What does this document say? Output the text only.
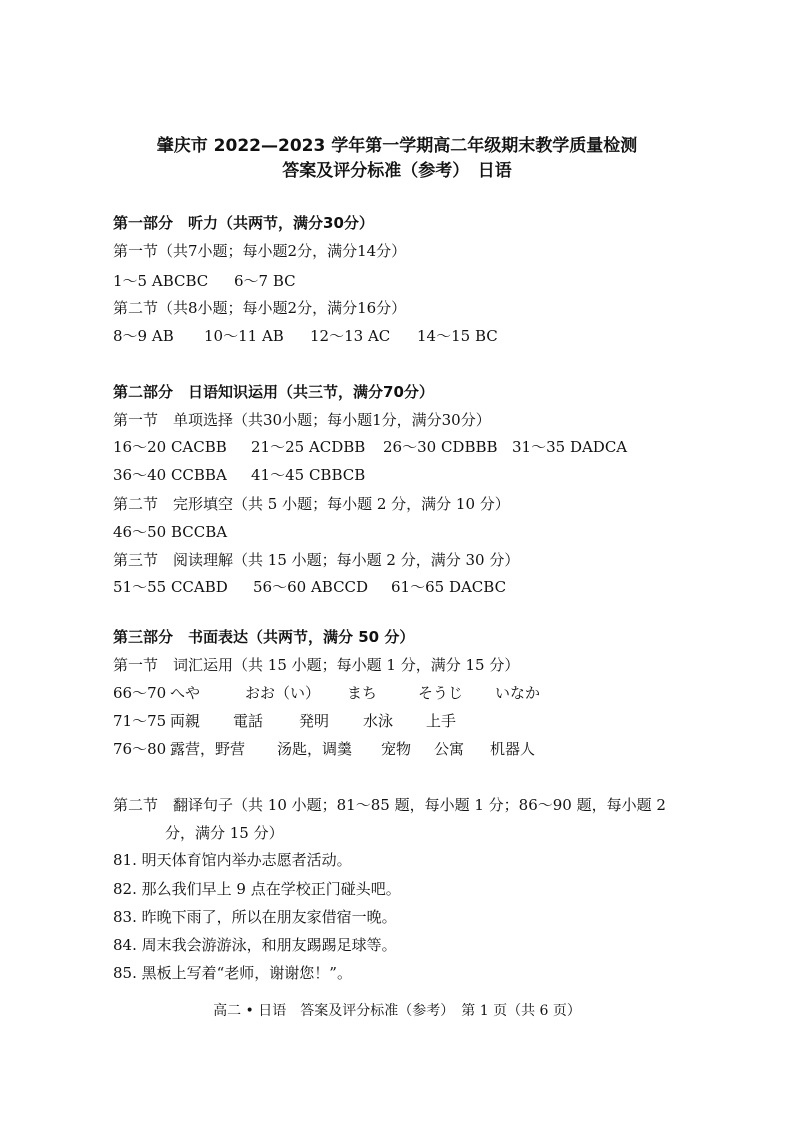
肇庆市 2022—2023 学年第一学期高二年级期末教学质量检测
答案及评分标准（参考）　日语
第一部分　听力（共两节，满分30分）
第一节（共7小题；每小题2分，满分14分）
1～5 ABCBC 6～7 BC
第二节（共8小题；每小题2分，满分16分）
8～9 AB 10～11 AB 12～13 AC 14～15 BC
第二部分　日语知识运用（共三节，满分70分）
第一节　单项选择（共30小题；每小题1分，满分30分）
16～20 CACBB 21～25 ACDBB 26～30 CDBBB 31～35 DADCA
36～40 CCBBA 41～45 CBBCB
第二节　完形填空（共 5 小题；每小题 2 分，满分 10 分）
46～50 BCCBA
第三节　阅读理解（共 15 小题；每小题 2 分，满分 30 分）
51～55 CCABD 56～60 ABCCD 61～65 DACBC
第三部分　书面表达（共两节，满分 50 分）
第一节　词汇运用（共 15 小题；每小题 1 分，满分 15 分）
66～70 へや	おお（い） まち	そうじ いなか
71～75 両親 電話 発明 水泳 上手
76～80 露营，野营 汤匙，调羹 宠物 公寓 机器人
第二节　翻译句子（共 10 小题；81～85 题，每小题 1 分；86～90 题，每小题 2
分，满分 15 分）
81. 明天体育馆内举办志愿者活动。
82. 那么我们早上 9 点在学校正门碰头吧。
83. 昨晚下雨了，所以在朋友家借宿一晚。
84. 周末我会游游泳，和朋友踢踢足球等。
85. 黑板上写着“老师，谢谢您！”。
高二 • 日语　答案及评分标准（参考）　第 1 页（共 6 页）
